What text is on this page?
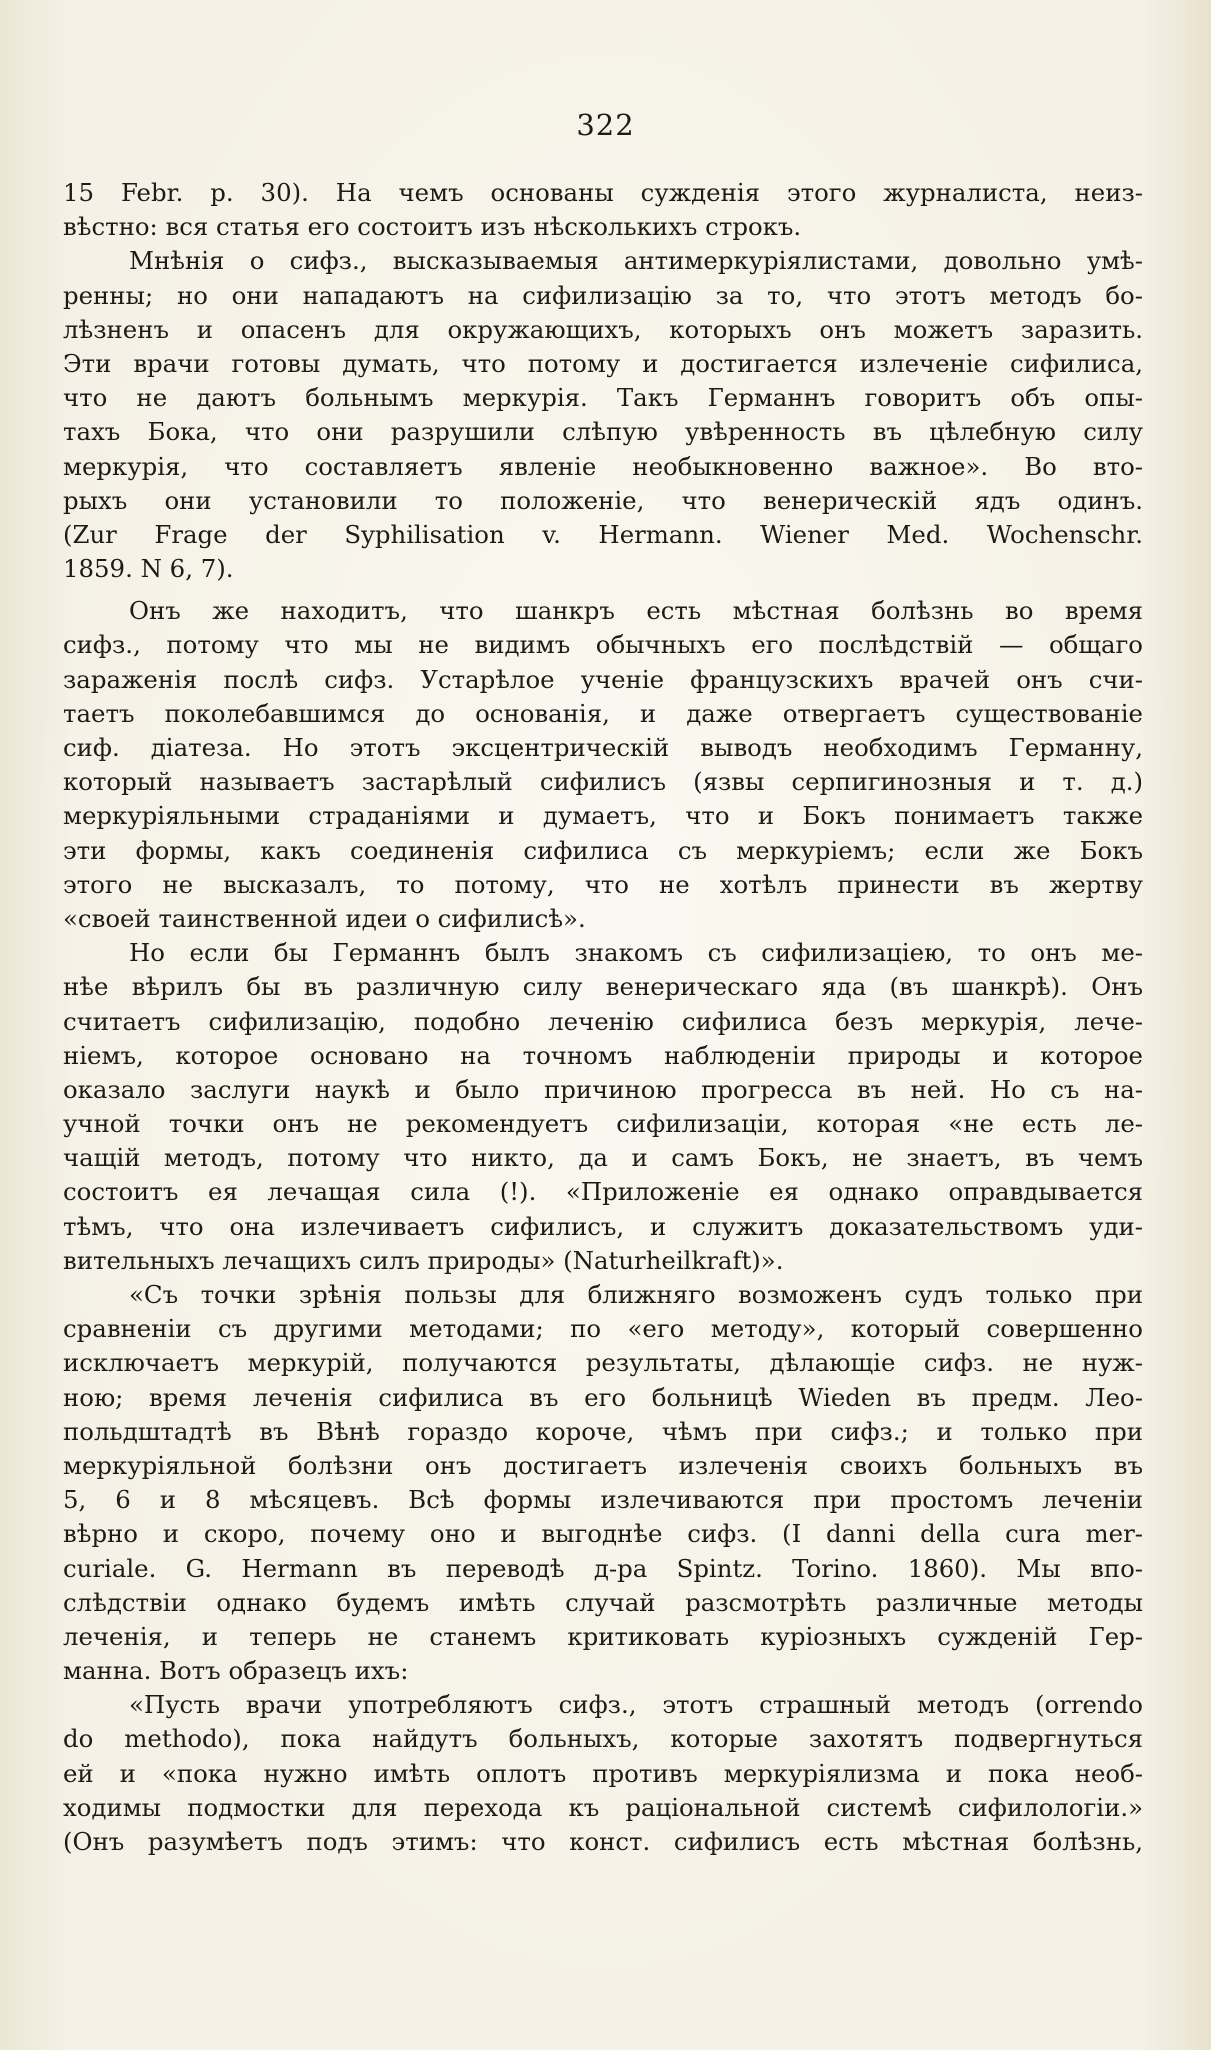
322
15 Febr. p. 30). На чемъ основаны сужденія этого журналиста, неиз-
вѣстно: вся статья его состоитъ изъ нѣсколькихъ строкъ.
Мнѣнія о сифз., высказываемыя антимеркуріялистами, довольно умѣ-
ренны; но они нападаютъ на сифилизацію за то, что этотъ методъ бо-
лѣзненъ и опасенъ для окружающихъ, которыхъ онъ можетъ заразить.
Эти врачи готовы думать, что потому и достигается излеченіе сифилиса,
что не даютъ больнымъ меркурія. Такъ Германнъ говоритъ объ опы-
тахъ Бока, что они разрушили слѣпую увѣренность въ цѣлебную силу
меркурія, что составляетъ явленіе необыкновенно важное». Во вто-
рыхъ они установили то положеніе, что венерическій ядъ одинъ.
(Zur Frage der Syphilisation v. Hermann. Wiener Med. Wochenschr.
1859. N 6, 7).
Онъ же находитъ, что шанкръ есть мѣстная болѣзнь во время
сифз., потому что мы не видимъ обычныхъ его послѣдствій — общаго
зараженія послѣ сифз. Устарѣлое ученіе французскихъ врачей онъ счи-
таетъ поколебавшимся до основанія, и даже отвергаетъ существованіе
сиф. діатеза. Но этотъ эксцентрическій выводъ необходимъ Германну,
который называетъ застарѣлый сифилисъ (язвы серпигинозныя и т. д.)
меркуріяльными страданіями и думаетъ, что и Бокъ понимаетъ также
эти формы, какъ соединенія сифилиса съ меркуріемъ; если же Бокъ
этого не высказалъ, то потому, что не хотѣлъ принести въ жертву
«своей таинственной идеи о сифилисѣ».
Но если бы Германнъ былъ знакомъ съ сифилизаціею, то онъ ме-
нѣе вѣрилъ бы въ различную силу венерическаго яда (въ шанкрѣ). Онъ
считаетъ сифилизацію, подобно леченію сифилиса безъ меркурія, лече-
ніемъ, которое основано на точномъ наблюденіи природы и которое
оказало заслуги наукѣ и было причиною прогресса въ ней. Но съ на-
учной точки онъ не рекомендуетъ сифилизаціи, которая «не есть ле-
чащій методъ, потому что никто, да и самъ Бокъ, не знаетъ, въ чемъ
состоитъ ея лечащая сила (!). «Приложеніе ея однако оправдывается
тѣмъ, что она излечиваетъ сифилисъ, и служитъ доказательствомъ уди-
вительныхъ лечащихъ силъ природы» (Naturheilkraft)».
«Съ точки зрѣнія пользы для ближняго возможенъ судъ только при
сравненіи съ другими методами; по «его методу», который совершенно
исключаетъ меркурій, получаются результаты, дѣлающіе сифз. не нуж-
ною; время леченія сифилиса въ его больницѣ Wieden въ предм. Лео-
польдштадтѣ въ Вѣнѣ гораздо короче, чѣмъ при сифз.; и только при
меркуріяльной болѣзни онъ достигаетъ излеченія своихъ больныхъ въ
5, 6 и 8 мѣсяцевъ. Всѣ формы излечиваются при простомъ леченіи
вѣрно и скоро, почему оно и выгоднѣе сифз. (I danni della cura mer-
curiale. G. Hermann въ переводѣ д-ра Spintz. Torino. 1860). Мы впо-
слѣдствіи однако будемъ имѣть случай разсмотрѣть различные методы
леченія, и теперь не станемъ критиковать куріозныхъ сужденій Гер-
манна. Вотъ образецъ ихъ:
«Пусть врачи употребляютъ сифз., этотъ страшный методъ (orrendo
do methodo), пока найдутъ больныхъ, которые захотятъ подвергнуться
ей и «пока нужно имѣть оплотъ противъ меркуріялизма и пока необ-
ходимы подмостки для перехода къ раціональной системѣ сифилологіи.»
(Онъ разумѣетъ подъ этимъ: что конст. сифилисъ есть мѣстная болѣзнь,
